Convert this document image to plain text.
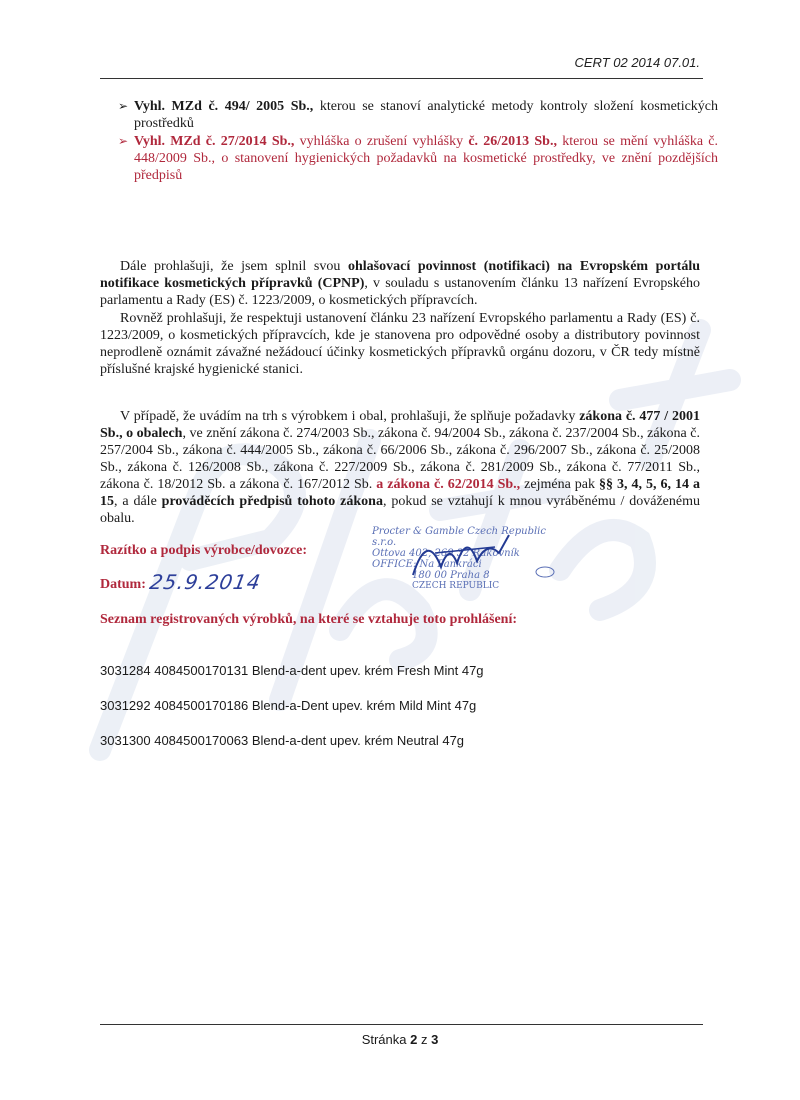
CERT 02 2014 07.01.
➢ Vyhl. MZd č. 494/ 2005 Sb., kterou se stanoví analytické metody kontroly složení kosmetických prostředků
➢ Vyhl. MZd č. 27/2014 Sb., vyhláška o zrušení vyhlášky č. 26/2013 Sb., kterou se mění vyhláška č. 448/2009 Sb., o stanovení hygienických požadavků na kosmetické prostředky, ve znění pozdějších předpisů
Dále prohlašuji, že jsem splnil svou ohlašovací povinnost (notifikaci) na Evropském portálu notifikace kosmetických přípravků (CPNP), v souladu s ustanovením článku 13 nařízení Evropského parlamentu a Rady (ES) č. 1223/2009, o kosmetických přípravcích.
Rovněž prohlašuji, že respektuji ustanovení článku 23 nařízení Evropského parlamentu a Rady (ES) č. 1223/2009, o kosmetických přípravcích, kde je stanovena pro odpovědné osoby a distributory povinnost neprodleně oznámit závažné nežádoucí účinky kosmetických přípravků orgánu dozoru, v ČR tedy místně příslušné krajské hygienické stanici.
V případě, že uvádím na trh s výrobkem i obal, prohlašuji, že splňuje požadavky zákona č. 477 / 2001 Sb., o obalech, ve znění zákona č. 274/2003 Sb., zákona č. 94/2004 Sb., zákona č. 237/2004 Sb., zákona č. 257/2004 Sb., zákona č. 444/2005 Sb., zákona č. 66/2006 Sb., zákona č. 296/2007 Sb., zákona č. 25/2008 Sb., zákona č. 126/2008 Sb., zákona č. 227/2009 Sb., zákona č. 281/2009 Sb., zákona č. 77/2011 Sb., zákona č. 18/2012 Sb. a zákona č. 167/2012 Sb. a zákona č. 62/2014 Sb., zejména pak §§ 3, 4, 5, 6, 14 a 15, a dále prováděcích předpisů tohoto zákona, pokud se vztahují k mnou vyráběnému / dováženému obalu.
Razítko a podpis výrobce/dovozce:
Procter & Gamble Czech Republic s.r.o.
Ottova 402, 269 32 Rakovník
OFFICE: Na Pankráci
180 00 Praha 8
CZECH REPUBLIC
Datum: 25.9.2014
Seznam registrovaných výrobků, na které se vztahuje toto prohlášení:
3031284 4084500170131 Blend-a-dent upev. krém Fresh Mint 47g
3031292 4084500170186 Blend-a-Dent upev. krém Mild Mint 47g
3031300 4084500170063 Blend-a-dent upev. krém Neutral 47g
Stránka 2 z 3
